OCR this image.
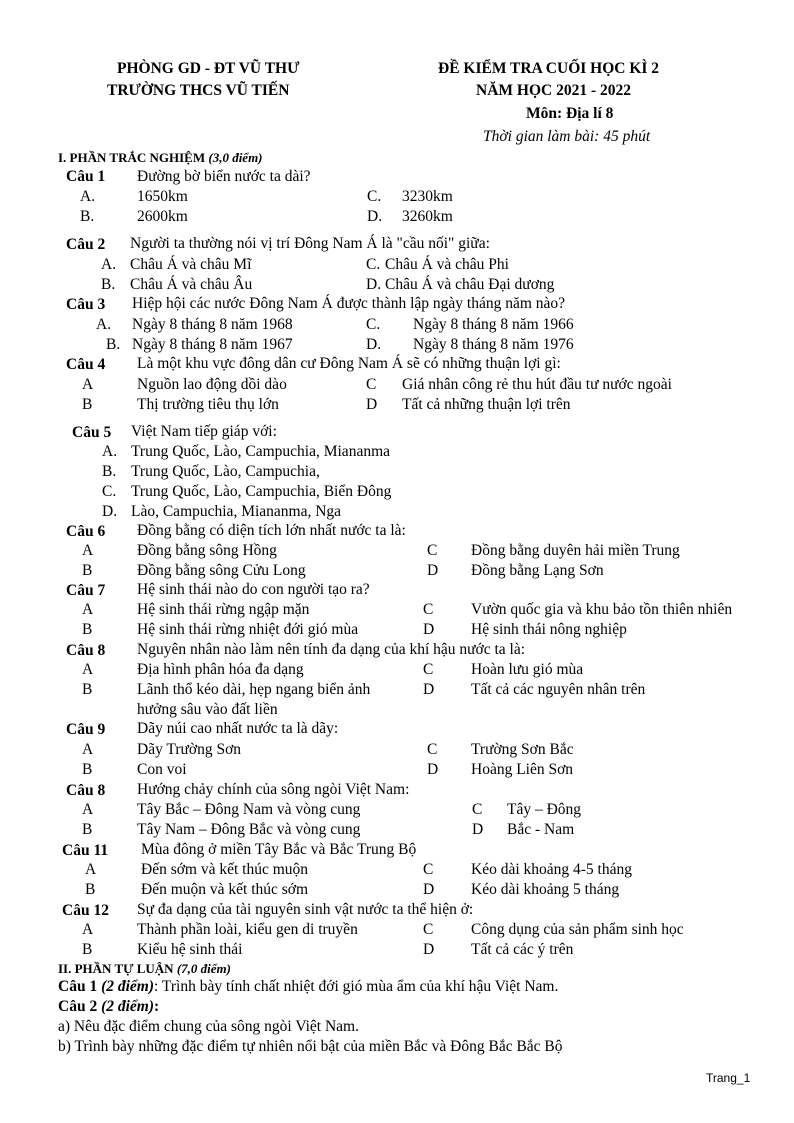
PHÒNG GD - ĐT VŨ THƯ
TRƯỜNG THCS VŨ TIẾN
ĐỀ KIỂM TRA CUỐI HỌC KÌ 2
NĂM HỌC 2021 - 2022
Môn: Địa lí 8
Thời gian làm bài: 45 phút
I. PHẦN TRẮC NGHIỆM (3,0 điểm)
Câu 1 Đường bờ biển nước ta dài?
A.	1650km	C. 3230km
B.	2600km	D. 3260km
Câu 2 Người ta thường nói vị trí Đông Nam Á là "cầu nối" giữa:
A. Châu Á và châu Mĩ	C. Châu Á và châu Phi
B. Châu Á và châu Âu	D. Châu Á và châu Đại dương
Câu 3 Hiệp hội các nước Đông Nam Á được thành lập ngày tháng năm nào?
A. Ngày 8 tháng 8 năm 1968	C. Ngày 8 tháng 8 năm 1966
B. Ngày 8 tháng 8 năm 1967	D. Ngày 8 tháng 8 năm 1976
Câu 4 Là một khu vực đông dân cư Đông Nam Á sẽ có những thuận lợi gì:
A	Nguồn lao động dồi dào	C Giá nhân công rẻ thu hút đầu tư nước ngoài
B	Thị trường tiêu thụ lớn	D Tất cả những thuận lợi trên
Câu 5 Việt Nam tiếp giáp với:
A. Trung Quốc, Lào, Campuchia, Miananma
B. Trung Quốc, Lào, Campuchia,
C. Trung Quốc, Lào, Campuchia, Biển Đông
D. Lào, Campuchia, Miananma, Nga
Câu 6 Đồng bằng có diện tích lớn nhất nước ta là:
A	Đồng bằng sông Hồng	C Đồng bằng duyên hải miền Trung
B	Đồng bằng sông Cửu Long	D Đồng bằng Lạng Sơn
Câu 7 Hệ sinh thái nào do con người tạo ra?
A	Hệ sinh thái rừng ngập mặn	C Vườn quốc gia và khu bảo tồn thiên nhiên
B	Hệ sinh thái rừng nhiệt đới gió mùa	D Hệ sinh thái nông nghiệp
Câu 8 Nguyên nhân nào làm nên tính đa dạng của khí hậu nước ta là:
A	Địa hình phân hóa đa dạng	C Hoàn lưu gió mùa
B	Lãnh thổ kéo dài, hẹp ngang biển ảnh	D Tất cả các nguyên nhân trên
hưởng sâu vào đất liền
Câu 9 Dãy núi cao nhất nước ta là dãy:
A	Dãy Trường Sơn	C Trường Sơn Bắc
B	Con voi	D Hoàng Liên Sơn
Câu 8 Hướng chảy chính của sông ngòi Việt Nam:
A	Tây Bắc – Đông Nam và vòng cung	C Tây – Đông
B	Tây Nam – Đông Bắc và vòng cung	D Bắc - Nam
Câu 11 Mùa đông ở miền Tây Bắc và Bắc Trung Bộ
A	Đến sớm và kết thúc muộn	C Kéo dài khoảng 4-5 tháng
B	Đến muộn và kết thúc sớm	D Kéo dài khoảng 5 tháng
Câu 12 Sự đa dạng của tài nguyên sinh vật nước ta thể hiện ở:
A	Thành phần loài, kiểu gen di truyền	C Công dụng của sản phẩm sinh học
B	Kiểu hệ sinh thái	D Tất cả các ý trên
II. PHẦN TỰ LUẬN (7,0 điểm)
Câu 1 (2 điểm): Trình bày tính chất nhiệt đới gió mùa ẩm của khí hậu Việt Nam.
Câu 2 (2 điểm):
a) Nêu đặc điểm chung của sông ngòi Việt Nam.
b) Trình bày những đặc điểm tự nhiên nổi bật của miền Bắc và Đông Bắc Bắc Bộ
Trang_1
